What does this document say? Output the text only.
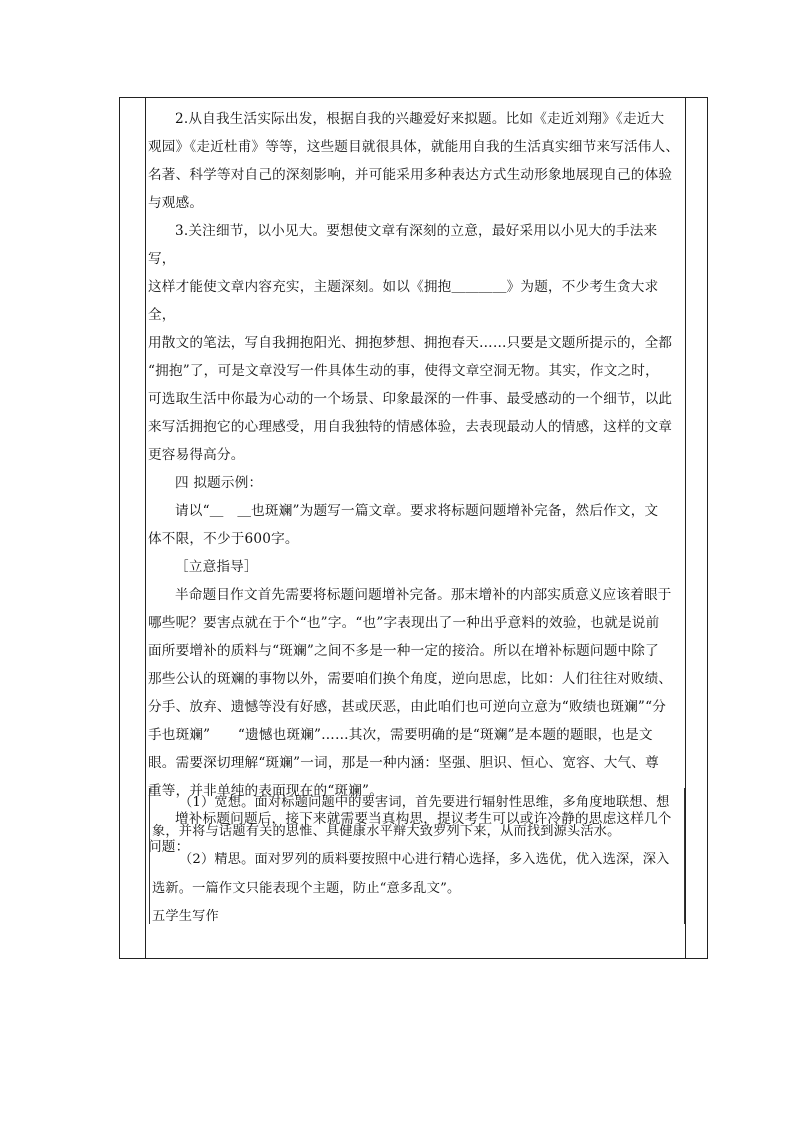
2.从自我生活实际出发，根据自我的兴趣爱好来拟题。比如《走近刘翔》《走近大

观园》《走近杜甫》等等，这些题目就很具体，就能用自我的生活真实细节来写活伟人、

名著、科学等对自己的深刻影响，并可能采用多种表达方式生动形象地展现自己的体验

与观感。

3.关注细节，以小见大。要想使文章有深刻的立意，最好采用以小见大的手法来写，

这样才能使文章内容充实，主题深刻。如以《拥抱＿＿＿＿》为题，不少考生贪大求全，

用散文的笔法，写自我拥抱阳光、拥抱梦想、拥抱春天……只要是文题所提示的，全都

“拥抱”了，可是文章没写一件具体生动的事，使得文章空洞无物。其实，作文之时，

可选取生活中你最为心动的一个场景、印象最深的一件事、最受感动的一个细节，以此

来写活拥抱它的心理感受，用自我独特的情感体验，去表现最动人的情感，这样的文章

更容易得高分。

四 拟题示例：

请以“＿　＿也斑斓”为题写一篇文章。要求将标题问题增补完备，然后作文，文

体不限，不少于600字。

［立意指导］

半命题目作文首先需要将标题问题增补完备。那末增补的内部实质意义应该着眼于

哪些呢？要害点就在于个“也”字。“也”字表现出了一种出乎意料的效验，也就是说前

面所要增补的质料与“斑斓”之间不多是一种一定的接洽。所以在增补标题问题中除了

那些公认的斑斓的事物以外，需要咱们换个角度，逆向思虑，比如：人们往往对败绩、

分手、放弃、遗憾等没有好感，甚或厌恶，由此咱们也可逆向立意为“败绩也斑斓”“分

手也斑斓”　　“遗憾也斑斓”……其次，需要明确的是“斑斓”是本题的题眼，也是文

眼。需要深切理解“斑斓”一词，那是一种内涵：坚强、胆识、恒心、宽容、大气、尊

重等，并非单纯的表面现在的“斑斓”。

增补标题问题后，接下来就需要当真构思，提议考生可以或许冷静的思虑这样几个

问题：

（1）宽想。面对标题问题中的要害词，首先要进行辐射性思维，多角度地联想、想

象，并将与话题有关的思惟、具健康水平辩大致罗列下来，从而找到源头活水。

（2）精思。面对罗列的质料要按照中心进行精心选择，多入选优，优入选深，深入

选新。一篇作文只能表现个主题，防止“意多乱文”。

五学生写作
